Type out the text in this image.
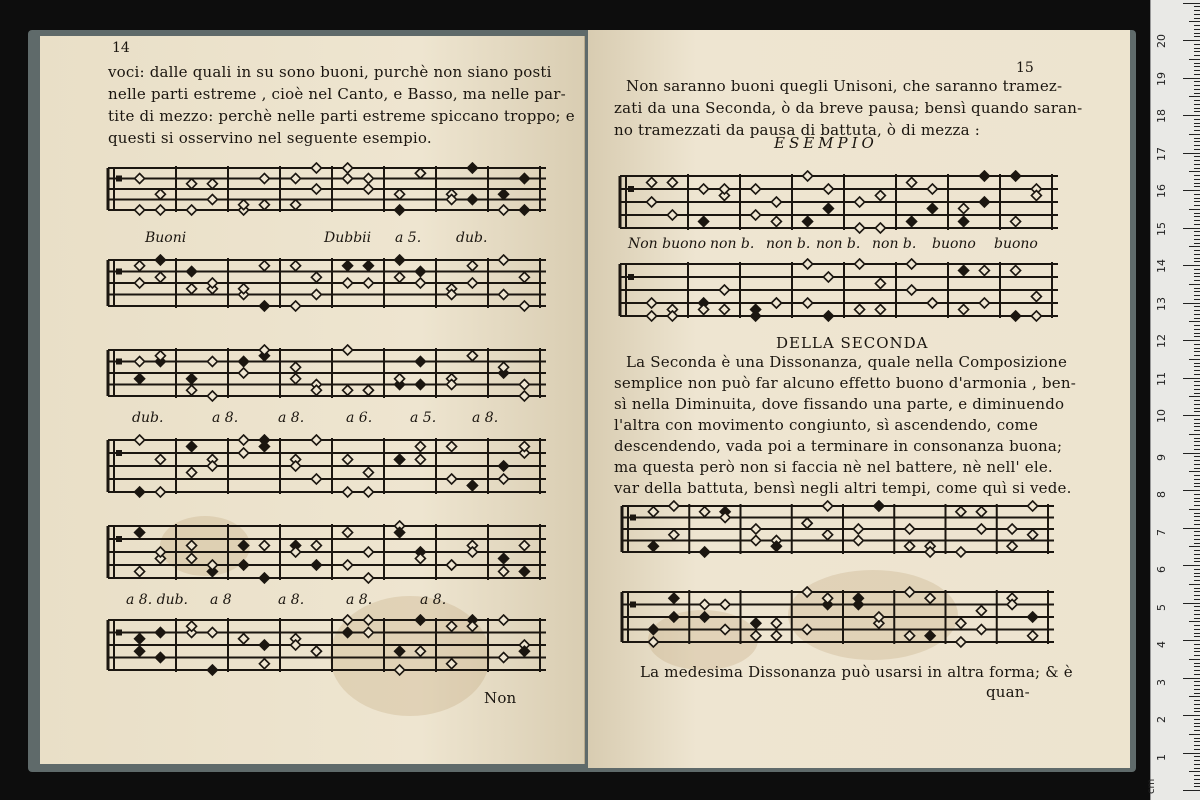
14
voci: dalle quali in su sono buoni, purchè non siano posti
nelle parti estreme , cioè nel Canto, e Basso, ma nelle par-
tite di mezzo: perchè nelle parti estreme spiccano troppo; e
questi si osservino nel seguente esempio.
Buoni	Dubbii a 5. dub.
dub.	a 8.	a 8.	a 6.	a 5.	a 8.
a 8. dub. a 8	a 8.	a 8.	a 8.
Non
15
Non saranno buoni quegli Unisoni, che saranno tramez-
zati da una Seconda, ò da breve pausa; bensì quando saran-
no tramezzati da pausa di battuta, ò di mezza :
ESEMPIO
Non buono non b. non b. non b. non b. buono buono
DELLA SECONDA
La Seconda è una Dissonanza, quale nella Composizione
semplice non può far alcuno effetto buono d'armonia , ben-
sì nella Diminuita, dove fissando una parte, e diminuendo
l'altra con movimento congiunto, sì ascendendo, come
descendendo, vada poi a terminare in consonanza buona;
ma questa però non si faccia nè nel battere, nè nell' ele.
var della battuta, bensì negli altri tempi, come quì si vede.
La medesima Dissonanza può usarsi in altra forma; & è
quan-
1
2
3
4
5
6
7
8
9
10
11
12
13
14
15
16
17
18
19
20
cm
